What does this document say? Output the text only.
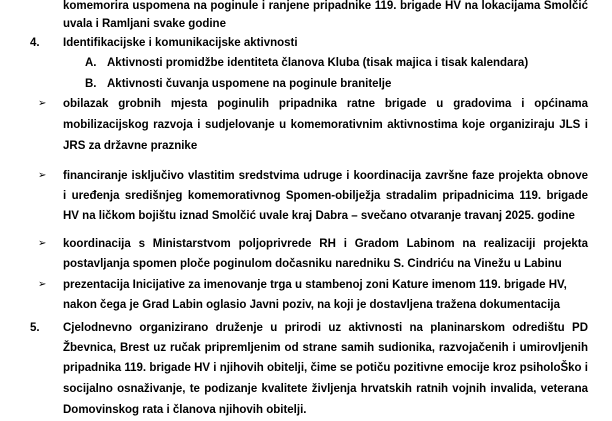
komemorira uspomena na poginule i ranjene pripadnike 119. brigade HV na lokacijama Smolčić
uvala i Ramljani svake godine
4. Identifikacijske i komunikacijske aktivnosti
A. Aktivnosti promidžbe identiteta članova Kluba (tisak majica i tisak kalendara)
B. Aktivnosti čuvanja uspomene na poginule branitelje
➢ obilazak grobnih mjesta poginulih pripadnika ratne brigade u gradovima i općinama
mobilizacijskog razvoja i sudjelovanje u komemorativnim aktivnostima koje organiziraju JLS i
JRS za državne praznike
➢ financiranje isključivo vlastitim sredstvima udruge i koordinacija završne faze projekta obnove
i uređenja središnjeg komemorativnog Spomen-obilježja stradalim pripadnicima 119. brigade
HV na ličkom bojištu iznad Smolčić uvale kraj Dabra – svečano otvaranje travanj 2025. godine
➢ koordinacija s Ministarstvom poljoprivrede RH i Gradom Labinom na realizaciji projekta
postavljanja spomen ploče poginulom dočasniku naredniku S. Cindriću na Vinežu u Labinu
➢ prezentacija Inicijative za imenovanje trga u stambenoj zoni Kature imenom 119. brigade HV,
nakon čega je Grad Labin oglasio Javni poziv, na koji je dostavljena tražena dokumentacija
5. Cjelodnevno organizirano druženje u prirodi uz aktivnosti na planinarskom odredištu PD
Žbevnica, Brest uz ručak pripremljenim od strane samih sudionika, razvojačenih i umirovljenih
pripadnika 119. brigade HV i njihovih obitelji, čime se potiču pozitivne emocije kroz psiholoŠko i
socijalno osnaživanje, te podizanje kvalitete življenja hrvatskih ratnih vojnih invalida, veterana
Domovinskog rata i članova njihovih obitelji.
